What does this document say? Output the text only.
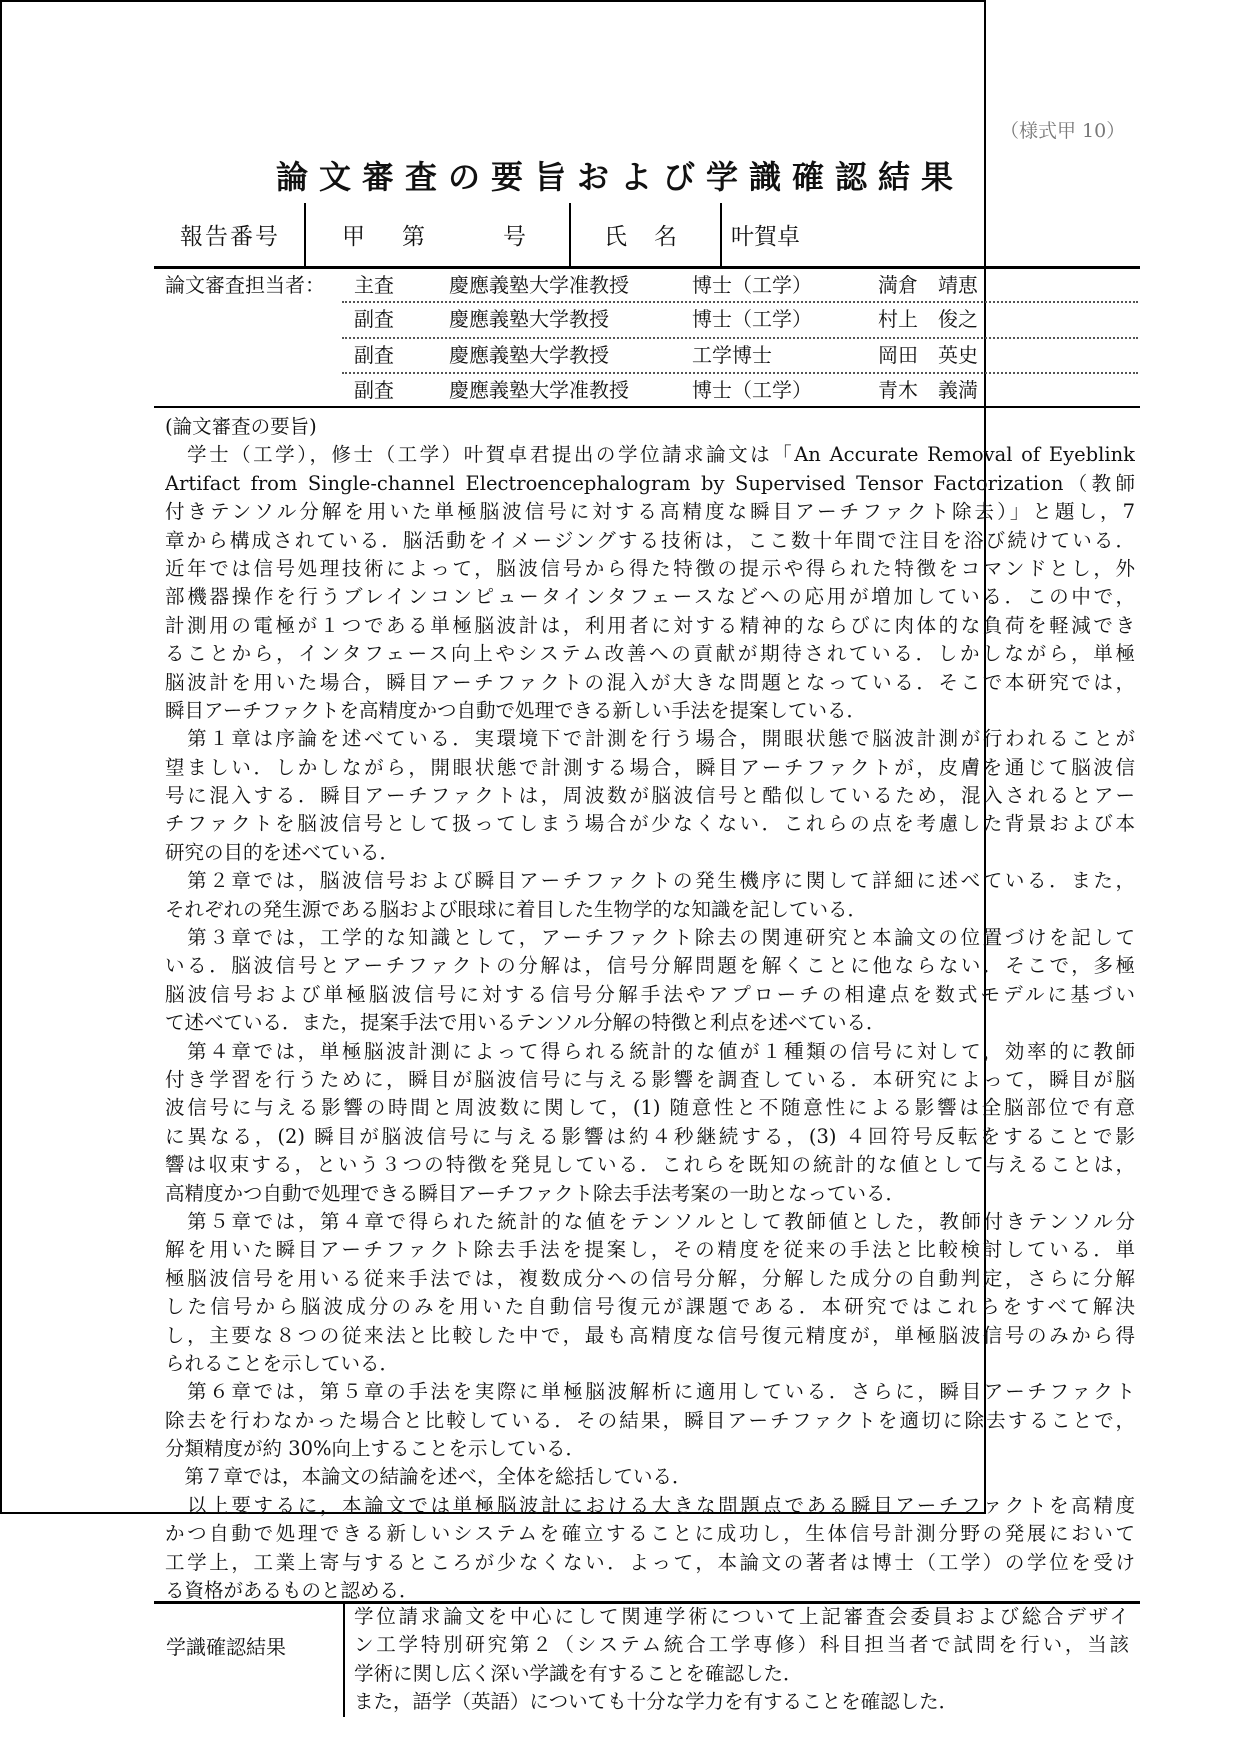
（様式甲 10）
論文審査の要旨および学識確認結果
報告番号	甲 第	号	氏 名 叶賀卓
論文審査担当者： 主査	慶應義塾大学准教授	博士（工学）	満倉　靖恵
副査	慶應義塾大学教授	博士（工学）	村上　俊之
副査	慶應義塾大学教授	工学博士	岡田　英史
副査	慶應義塾大学准教授	博士（工学）	青木　義満
(論文審査の要旨)
　学士（工学），修士（工学）叶賀卓君提出の学位請求論文は「An Accurate Removal of Eyeblink
Artifact from Single-channel Electroencephalogram by Supervised Tensor Factorization（教師
付きテンソル分解を用いた単極脳波信号に対する高精度な瞬目アーチファクト除去）」と題し，7
章から構成されている．脳活動をイメージングする技術は，ここ数十年間で注目を浴び続けている．
近年では信号処理技術によって，脳波信号から得た特徴の提示や得られた特徴をコマンドとし，外
部機器操作を行うブレインコンピュータインタフェースなどへの応用が増加している．この中で，
計測用の電極が１つである単極脳波計は，利用者に対する精神的ならびに肉体的な負荷を軽減でき
ることから，インタフェース向上やシステム改善への貢献が期待されている．しかしながら，単極
脳波計を用いた場合，瞬目アーチファクトの混入が大きな問題となっている．そこで本研究では，
瞬目アーチファクトを高精度かつ自動で処理できる新しい手法を提案している．
　第１章は序論を述べている．実環境下で計測を行う場合，開眼状態で脳波計測が行われることが
望ましい．しかしながら，開眼状態で計測する場合，瞬目アーチファクトが，皮膚を通じて脳波信
号に混入する．瞬目アーチファクトは，周波数が脳波信号と酷似しているため，混入されるとアー
チファクトを脳波信号として扱ってしまう場合が少なくない．これらの点を考慮した背景および本
研究の目的を述べている．
　第２章では，脳波信号および瞬目アーチファクトの発生機序に関して詳細に述べている．また，
それぞれの発生源である脳および眼球に着目した生物学的な知識を記している．
　第３章では，工学的な知識として，アーチファクト除去の関連研究と本論文の位置づけを記して
いる．脳波信号とアーチファクトの分解は，信号分解問題を解くことに他ならない．そこで，多極
脳波信号および単極脳波信号に対する信号分解手法やアプローチの相違点を数式モデルに基づい
て述べている．また，提案手法で用いるテンソル分解の特徴と利点を述べている．
　第４章では，単極脳波計測によって得られる統計的な値が１種類の信号に対して，効率的に教師
付き学習を行うために，瞬目が脳波信号に与える影響を調査している．本研究によって，瞬目が脳
波信号に与える影響の時間と周波数に関して，(1) 随意性と不随意性による影響は全脳部位で有意
に異なる，(2) 瞬目が脳波信号に与える影響は約４秒継続する，(3) ４回符号反転をすることで影
響は収束する，という３つの特徴を発見している．これらを既知の統計的な値として与えることは，
高精度かつ自動で処理できる瞬目アーチファクト除去手法考案の一助となっている．
　第５章では，第４章で得られた統計的な値をテンソルとして教師値とした，教師付きテンソル分
解を用いた瞬目アーチファクト除去手法を提案し，その精度を従来の手法と比較検討している．単
極脳波信号を用いる従来手法では，複数成分への信号分解，分解した成分の自動判定，さらに分解
した信号から脳波成分のみを用いた自動信号復元が課題である．本研究ではこれらをすべて解決
し，主要な８つの従来法と比較した中で，最も高精度な信号復元精度が，単極脳波信号のみから得
られることを示している．
　第６章では，第５章の手法を実際に単極脳波解析に適用している．さらに，瞬目アーチファクト
除去を行わなかった場合と比較している．その結果，瞬目アーチファクトを適切に除去することで，
分類精度が約 30%向上することを示している．
　第７章では，本論文の結論を述べ，全体を総括している．
　以上要するに，本論文では単極脳波計における大きな問題点である瞬目アーチファクトを高精度
かつ自動で処理できる新しいシステムを確立することに成功し，生体信号計測分野の発展において
工学上，工業上寄与するところが少なくない．よって，本論文の著者は博士（工学）の学位を受け
る資格があるものと認める．
学識確認結果
学位請求論文を中心にして関連学術について上記審査会委員および総合デザイ
ン工学特別研究第２（システム統合工学専修）科目担当者で試問を行い，当該
学術に関し広く深い学識を有することを確認した．
また，語学（英語）についても十分な学力を有することを確認した．
